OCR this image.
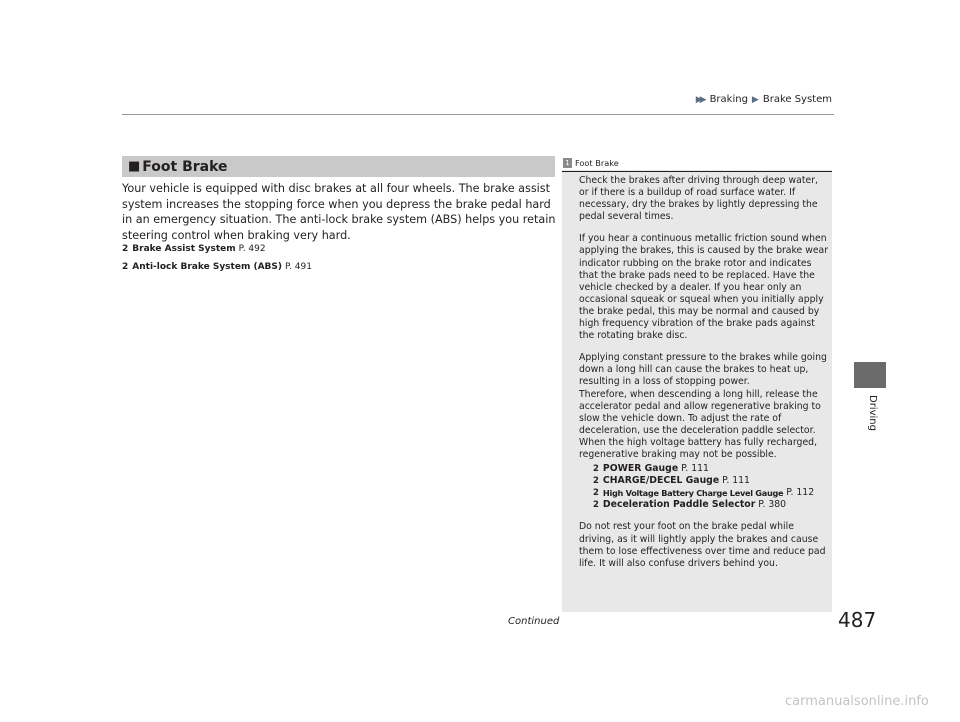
▶▶ Braking ▶ Brake System
Driving
■ Foot Brake

Your vehicle is equipped with disc brakes at all four wheels. The brake assist system increases the stopping force when you depress the brake pedal hard in an emergency situation. The anti-lock brake system (ABS) helps you retain steering control when braking very hard.

2 Brake Assist System P. 492
2 Anti-lock Brake System (ABS) P. 491
1 Foot Brake

Check the brakes after driving through deep water, or if there is a buildup of road surface water. If necessary, dry the brakes by lightly depressing the pedal several times.

If you hear a continuous metallic friction sound when applying the brakes, this is caused by the brake wear indicator rubbing on the brake rotor and indicates that the brake pads need to be replaced. Have the vehicle checked by a dealer. If you hear only an occasional squeak or squeal when you initially apply the brake pedal, this may be normal and caused by high frequency vibration of the brake pads against the rotating brake disc.

Applying constant pressure to the brakes while going down a long hill can cause the brakes to heat up, resulting in a loss of stopping power.

Therefore, when descending a long hill, release the accelerator pedal and allow regenerative braking to slow the vehicle down. To adjust the rate of deceleration, use the deceleration paddle selector.

When the high voltage battery has fully recharged, regenerative braking may not be possible.

2 POWER Gauge P. 111
2 CHARGE/DECEL Gauge P. 111
2 High Voltage Battery Charge Level Gauge P. 112
2 Deceleration Paddle Selector P. 380

Do not rest your foot on the brake pedal while driving, as it will lightly apply the brakes and cause them to lose effectiveness over time and reduce pad life. It will also confuse drivers behind you.

Continued	487
carmanualsonline.info
